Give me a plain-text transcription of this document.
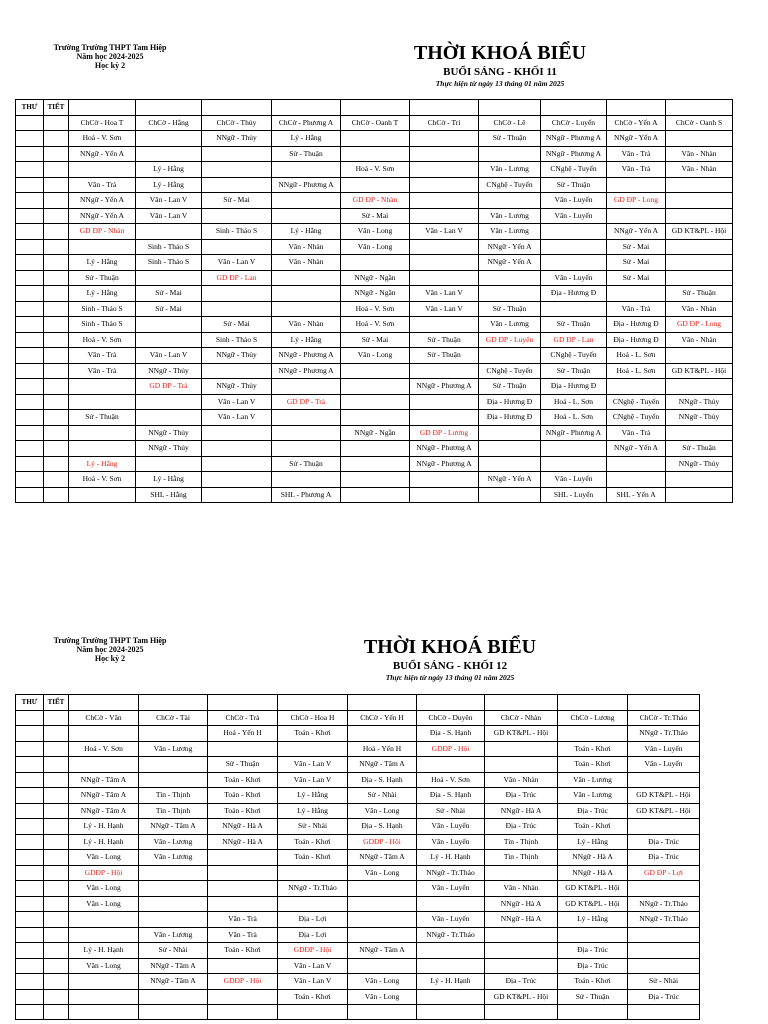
Trường Trường THPT Tam Hiệp
Năm học 2024-2025
Học kỳ 2
THỜI KHOÁ BIỂU
BUỔI SÁNG - KHỐI 11
Thực hiện từ ngày 13 tháng 01 năm 2025
THƯ	TIẾT										
		ChCờ - Hoa T	ChCờ - Hằng	ChCờ - Thủy	ChCờ - Phương A	ChCờ - Oanh T	ChCờ - Trí	ChCờ - Lê	ChCờ - Luyến	ChCờ - Yến A	ChCờ - Oanh S
		Hoá - V. Sơn		NNgữ - Thủy	Lý - Hằng			Sử - Thuận	NNgữ - Phương A	NNgữ - Yến A	
		NNgữ - Yến A			Sử - Thuận				NNgữ - Phương A	Văn - Trà	Văn - Nhàn
			Lý - Hằng			Hoá - V. Sơn		Văn - Lương	CNghệ - Tuyến	Văn - Trà	Văn - Nhàn
		Văn - Trà	Lý - Hằng		NNgữ - Phương A			CNghệ - Tuyến	Sử - Thuận		
		NNgữ - Yến A	Văn - Lan V	Sử - Mai		GD ĐP - Nhàn			Văn - Luyến	GD ĐP - Long	
		NNgữ - Yến A	Văn - Lan V			Sử - Mai		Văn - Lương	Văn - Luyến		
		GD ĐP - Nhàn		Sinh - Thảo S	Lý - Hằng	Văn - Long	Văn - Lan V	Văn - Lương		NNgữ - Yến A	GD KT&PL - Hội
			Sinh - Thảo S		Văn - Nhàn	Văn - Long		NNgữ - Yến A		Sử - Mai	
		Lý - Hằng	Sinh - Thảo S	Văn - Lan V	Văn - Nhàn			NNgữ - Yến A		Sử - Mai	
		Sử - Thuận		GD ĐP - Lan		NNgữ - Ngần			Văn - Luyến	Sử - Mai	
		Lý - Hằng	Sử - Mai			NNgữ - Ngần	Văn - Lan V		Địa - Hương Đ		Sử - Thuận
		Sinh - Thảo S	Sử - Mai			Hoá - V. Sơn	Văn - Lan V	Sử - Thuận		Văn - Trà	Văn - Nhàn
		Sinh - Thảo S		Sử - Mai	Văn - Nhàn	Hoá - V. Sơn		Văn - Lương	Sử - Thuận	Địa - Hương Đ	GD ĐP - Long
		Hoá - V. Sơn		Sinh - Thảo S	Lý - Hằng	Sử - Mai	Sử - Thuận	GD ĐP - Luyến	GD ĐP - Lan	Địa - Hương Đ	Văn - Nhàn
		Văn - Trà	Văn - Lan V	NNgữ - Thủy	NNgữ - Phương A	Văn - Long	Sử - Thuận		CNghệ - Tuyến	Hoá - L. Sơn	
		Văn - Trà	NNgữ - Thủy		NNgữ - Phương A			CNghệ - Tuyến	Sử - Thuận	Hoá - L. Sơn	GD KT&PL - Hội
			GD ĐP - Trà	NNgữ - Thủy			NNgữ - Phương A	Sử - Thuận	Địa - Hương Đ		
				Văn - Lan V	GD ĐP - Trà			Địa - Hương Đ	Hoá - L. Sơn	CNghệ - Tuyến	NNgữ - Thủy
		Sử - Thuận		Văn - Lan V				Địa - Hương Đ	Hoá - L. Sơn	CNghệ - Tuyến	NNgữ - Thủy
			NNgữ - Thủy			NNgữ - Ngần	GD ĐP - Lương		NNgữ - Phương A	Văn - Trà	
			NNgữ - Thủy				NNgữ - Phương A			NNgữ - Yến A	Sử - Thuận
		Lý - Hằng			Sử - Thuận		NNgữ - Phương A				NNgữ - Thủy
		Hoá - V. Sơn	Lý - Hằng					NNgữ - Yến A	Văn - Luyến		
			SHL - Hằng		SHL - Phương A				SHL - Luyến	SHL - Yến A	
Trường Trường THPT Tam Hiệp
Năm học 2024-2025
Học kỳ 2
THỜI KHOÁ BIỂU
BUỔI SÁNG - KHỐI 12
Thực hiện từ ngày 13 tháng 01 năm 2025
THƯ	TIẾT									
		ChCờ - Vân	ChCờ - Tài	ChCờ - Trà	ChCờ - Hoa H	ChCờ - Yến H	ChCờ - Duyên	ChCờ - Nhàn	ChCờ - Lương	ChCờ - Tr.Thảo
				Hoá - Yến H	Toán - Khơi		Địa - S. Hạnh	GD KT&PL - Hội		NNgữ - Tr.Thảo
		Hoá - V. Sơn	Văn - Lương			Hoá - Yến H	GDĐP - Hội		Toán - Khơi	Văn - Luyến
				Sử - Thuận	Văn - Lan V	NNgữ - Tâm A			Toán - Khơi	Văn - Luyến
		NNgữ - Tâm A		Toán - Khơi	Văn - Lan V	Địa - S. Hạnh	Hoá - V. Sơn	Văn - Nhàn	Văn - Lương	
		NNgữ - Tâm A	Tin - Thịnh	Toán - Khơi	Lý - Hằng	Sử - Nhài	Địa - S. Hạnh	Địa - Trúc	Văn - Lương	GD KT&PL - Hội
		NNgữ - Tâm A	Tin - Thịnh	Toán - Khơi	Lý - Hằng	Văn - Long	Sử - Nhài	NNgữ - Hà A	Địa - Trúc	GD KT&PL - Hội
		Lý - H. Hạnh	NNgữ - Tâm A	NNgữ - Hà A	Sử - Nhài	Địa - S. Hạnh	Văn - Luyến	Địa - Trúc	Toán - Khơi	
		Lý - H. Hạnh	Văn - Lương	NNgữ - Hà A	Toán - Khơi	GDĐP - Hội	Văn - Luyến	Tin - Thịnh	Lý - Hằng	Địa - Trúc
		Văn - Long	Văn - Lương		Toán - Khơi	NNgữ - Tâm A	Lý - H. Hạnh	Tin - Thịnh	NNgữ - Hà A	Địa - Trúc
		GDĐP - Hội				Văn - Long	NNgữ - Tr.Thảo		NNgữ - Hà A	GD ĐP - Lợi
		Văn - Long			NNgữ - Tr.Thảo		Văn - Luyến	Văn - Nhàn	GD KT&PL - Hội	
		Văn - Long						NNgữ - Hà A	GD KT&PL - Hội	NNgữ - Tr.Thảo
				Văn - Trà	Địa - Lợi		Văn - Luyến	NNgữ - Hà A	Lý - Hằng	NNgữ - Tr.Thảo
			Văn - Lương	Văn - Trà	Địa - Lợi		NNgữ - Tr.Thảo			
		Lý - H. Hạnh	Sử - Nhài	Toán - Khơi	GDĐP - Hội	NNgữ - Tâm A			Địa - Trúc	
		Văn - Long	NNgữ - Tâm A		Văn - Lan V				Địa - Trúc	
			NNgữ - Tâm A	GDĐP - Hội	Văn - Lan V	Văn - Long	Lý - H. Hạnh	Địa - Trúc	Toán - Khơi	Sử - Nhài
					Toán - Khơi	Văn - Long		GD KT&PL - Hội	Sử - Thuận	Địa - Trúc
